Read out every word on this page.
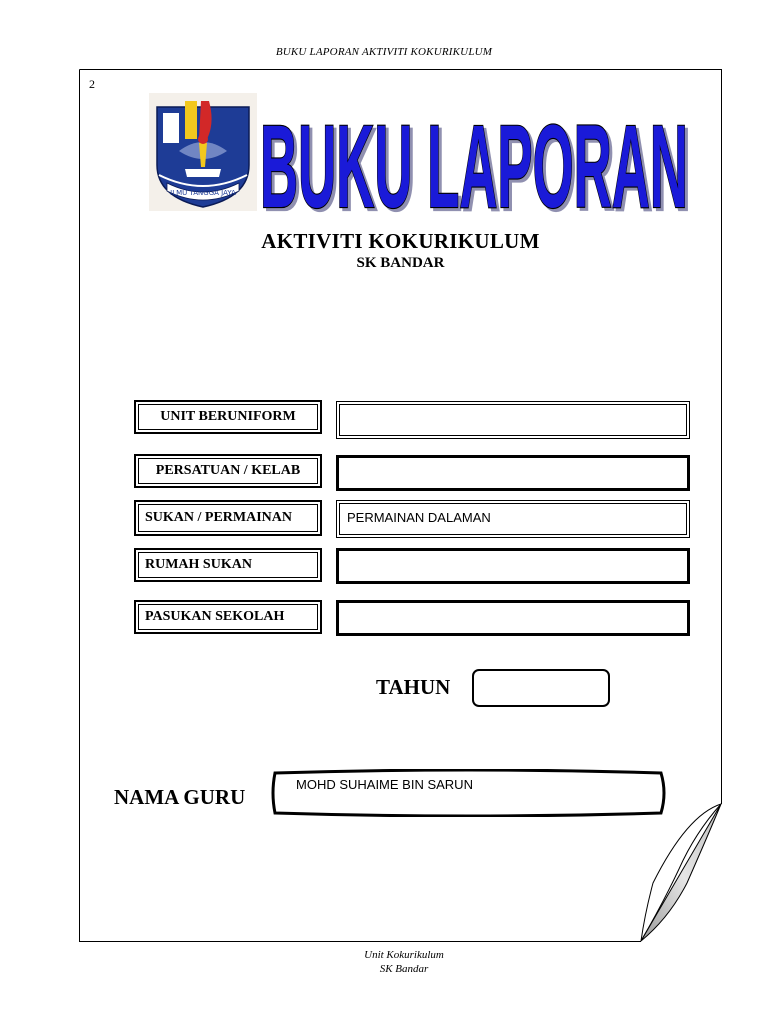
BUKU LAPORAN AKTIVITI KOKURIKULUM
2
ILMU TANGGA JAYA BUKU LAPORAN
AKTIVITI KOKURIKULUM
SK BANDAR
UNIT BERUNIFORM
PERSATUAN / KELAB
SUKAN / PERMAINAN	PERMAINAN DALAMAN
RUMAH SUKAN
PASUKAN SEKOLAH
TAHUN
NAMA GURU
MOHD SUHAIME BIN SARUN
Unit Kokurikulum
SK Bandar
